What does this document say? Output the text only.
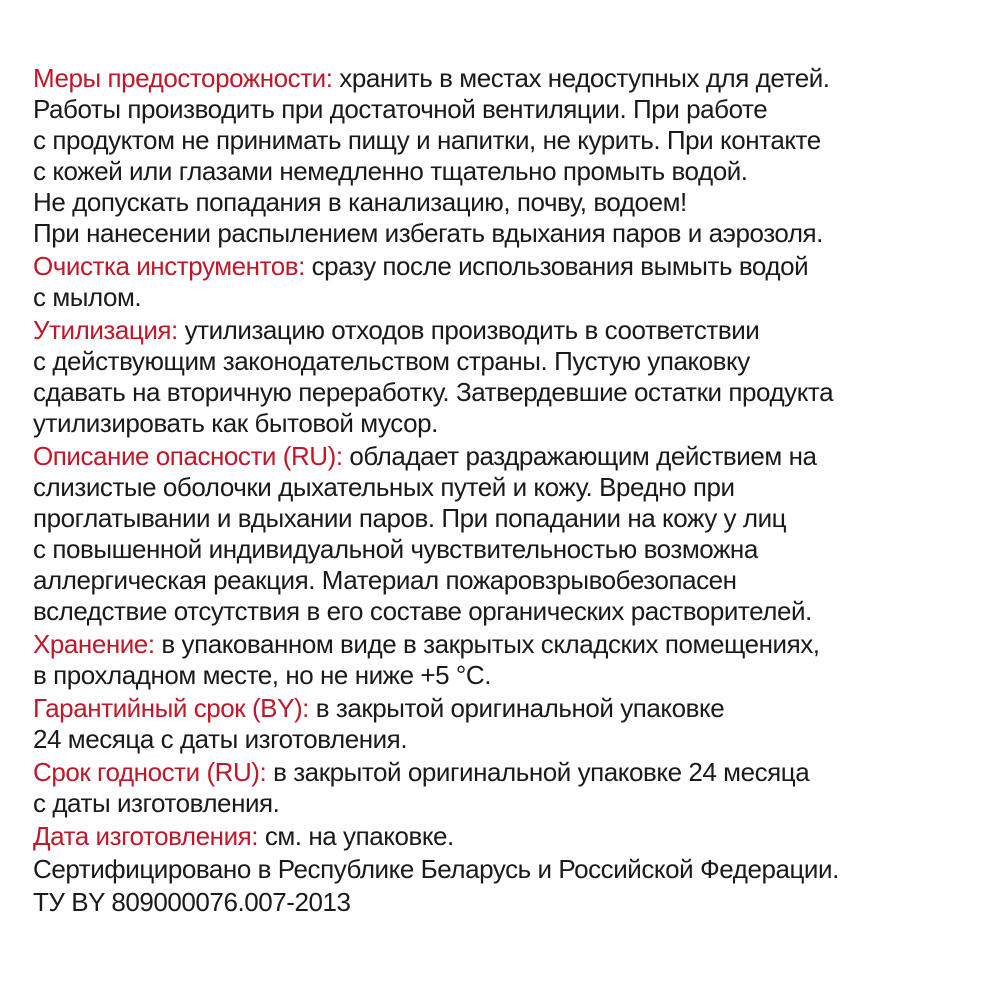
Меры предосторожности: хранить в местах недоступных для детей.
Работы производить при достаточной вентиляции. При работе
с продуктом не принимать пищу и напитки, не курить. При контакте
с кожей или глазами немедленно тщательно промыть водой.
Не допускать попадания в канализацию, почву, водоем!
При нанесении распылением избегать вдыхания паров и аэрозоля.
Очистка инструментов: сразу после использования вымыть водой
с мылом.
Утилизация: утилизацию отходов производить в соответствии
с действующим законодательством страны. Пустую упаковку
сдавать на вторичную переработку. Затвердевшие остатки продукта
утилизировать как бытовой мусор.
Описание опасности (RU): обладает раздражающим действием на
слизистые оболочки дыхательных путей и кожу. Вредно при
проглатывании и вдыхании паров. При попадании на кожу у лиц
с повышенной индивидуальной чувствительностью возможна
аллергическая реакция. Материал пожаровзрывобезопасен
вследствие отсутствия в его составе органических растворителей.
Хранение: в упакованном виде в закрытых складских помещениях,
в прохладном месте, но не ниже +5 °С.
Гарантийный срок (BY): в закрытой оригинальной упаковке
24 месяца с даты изготовления.
Срок годности (RU): в закрытой оригинальной упаковке 24 месяца
с даты изготовления.
Дата изготовления: см. на упаковке.
Сертифицировано в Республике Беларусь и Российской Федерации.
ТУ BY 809000076.007-2013
